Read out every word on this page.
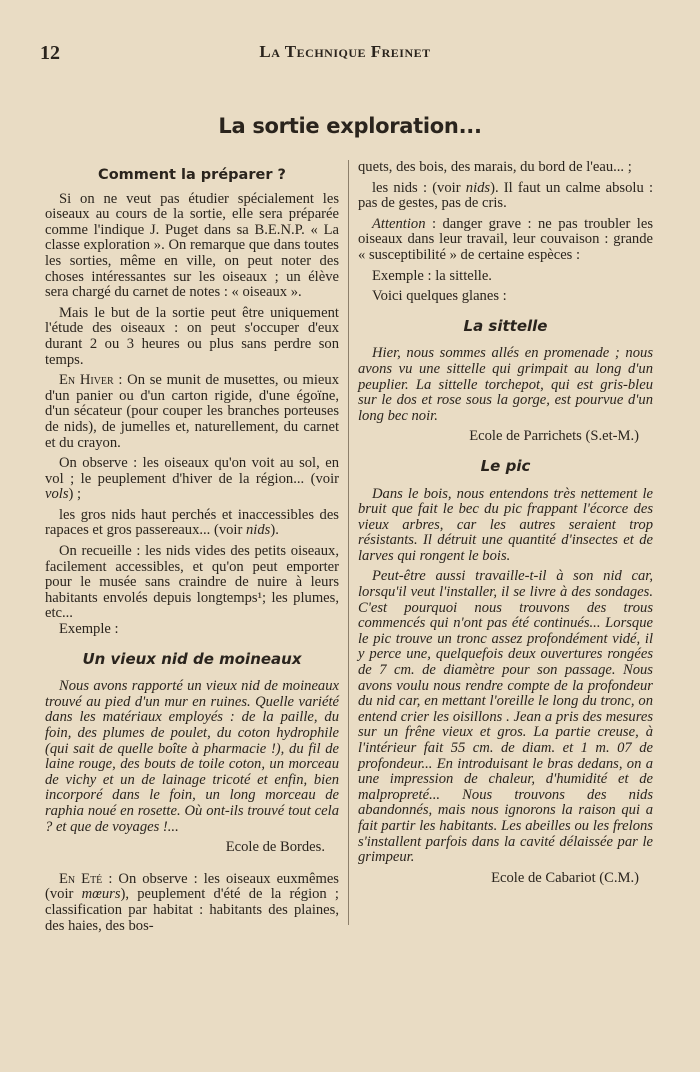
12	La Technique Freinet
La sortie exploration...

Comment la préparer ?

Si on ne veut pas étudier spécialement les oiseaux au cours de la sortie, elle sera préparée comme l'indique J. Puget dans sa B.E.N.P. « La classe exploration ». On remarque que dans toutes les sorties, même en ville, on peut noter des choses intéressantes sur les oiseaux ; un élève sera chargé du carnet de notes : « oiseaux ».

Mais le but de la sortie peut être uniquement l'étude des oiseaux : on peut s'occuper d'eux durant 2 ou 3 heures ou plus sans perdre son temps.

En Hiver : On se munit de musettes, ou mieux d'un panier ou d'un carton rigide, d'une égoïne, d'un sécateur (pour couper les branches porteuses de nids), de jumelles et, naturellement, du carnet et du crayon.

On observe : les oiseaux qu'on voit au sol, en vol ; le peuplement d'hiver de la région... (voir vols) ;

les gros nids haut perchés et inaccessibles des rapaces et gros passereaux... (voir nids).

On recueille : les nids vides des petits oiseaux, facilement accessibles, et qu'on peut emporter pour le musée sans craindre de nuire à leurs habitants envolés depuis longtemps¹; les plumes, etc...

Exemple :

Un vieux nid de moineaux

Nous avons rapporté un vieux nid de moineaux trouvé au pied d'un mur en ruines. Quelle variété dans les matériaux employés : de la paille, du foin, des plumes de poulet, du coton hydrophile (qui sait de quelle boîte à pharmacie !), du fil de laine rouge, des bouts de toile coton, un morceau de vichy et un de lainage tricoté et enfin, bien incorporé dans le foin, un long morceau de raphia noué en rosette. Où ont-ils trouvé tout cela ? et que de voyages !...

Ecole de Bordes.

En Eté : On observe : les oiseaux euxmêmes (voir mœurs), peuplement d'été de la région ; classification par habitat : habitants des plaines, des haies, des bos-

quets, des bois, des marais, du bord de l'eau... ;

les nids : (voir nids). Il faut un calme absolu : pas de gestes, pas de cris.

Attention : danger grave : ne pas troubler les oiseaux dans leur travail, leur couvaison : grande « susceptibilité » de certaine espèces :

Exemple : la sittelle.

Voici quelques glanes :

La sittelle

Hier, nous sommes allés en promenade ; nous avons vu une sittelle qui grimpait au long d'un peuplier. La sittelle torchepot, qui est gris-bleu sur le dos et rose sous la gorge, est pourvue d'un long bec noir.

Ecole de Parrichets (S.et-M.)

Le pic

Dans le bois, nous entendons très nettement le bruit que fait le bec du pic frappant l'écorce des vieux arbres, car les autres seraient trop résistants. Il détruit une quantité d'insectes et de larves qui rongent le bois.

Peut-être aussi travaille-t-il à son nid car, lorsqu'il veut l'installer, il se livre à des sondages. C'est pourquoi nous trouvons des trous commencés qui n'ont pas été continués... Lorsque le pic trouve un tronc assez profondément vidé, il y perce une, quelquefois deux ouvertures rongées de 7 cm. de diamètre pour son passage. Nous avons voulu nous rendre compte de la profondeur du nid car, en mettant l'oreille le long du tronc, on entend crier les oisillons . Jean a pris des mesures sur un frêne vieux et gros. La partie creuse, à l'intérieur fait 55 cm. de diam. et 1 m. 07 de profondeur... En introduisant le bras dedans, on a une impression de chaleur, d'humidité et de malpropreté... Nous trouvons des nids abandonnés, mais nous ignorons la raison qui a fait partir les habitants. Les abeilles ou les frelons s'installent parfois dans la cavité délaissée par le grimpeur.

Ecole de Cabariot (C.M.)
